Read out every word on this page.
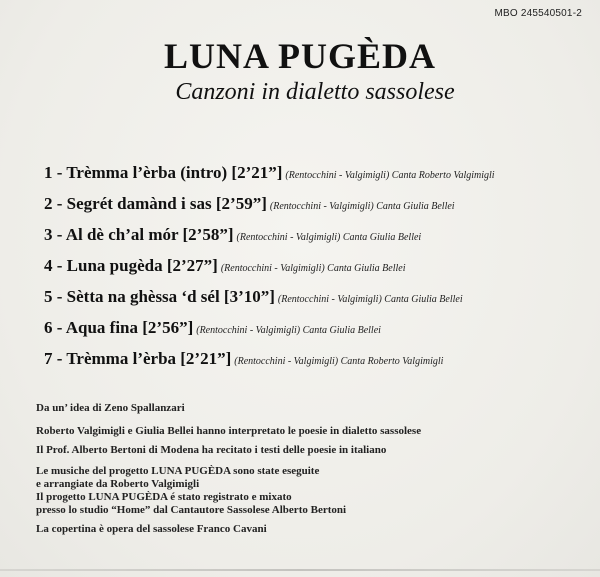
MBO 245540501-2
LUNA PUGÈDA
Canzoni in dialetto sassolese
1 - Trèmma l’èrba (intro) [2’21”] (Rentocchini - Valgimigli) Canta Roberto Valgimigli
2 - Segrét damànd i sas [2’59”] (Rentocchini - Valgimigli) Canta Giulia Bellei
3 - Al dè ch’al mór [2’58”] (Rentocchini - Valgimigli) Canta Giulia Bellei
4 - Luna pugèda [2’27”] (Rentocchini - Valgimigli) Canta Giulia Bellei
5 - Sètta na ghèssa ‘d sél [3’10”] (Rentocchini - Valgimigli) Canta Giulia Bellei
6 - Aqua fina [2’56”] (Rentocchini - Valgimigli) Canta Giulia Bellei
7 - Trèmma l’èrba [2’21”] (Rentocchini - Valgimigli) Canta Roberto Valgimigli

Da un’ idea di Zeno Spallanzari

Roberto Valgimigli e Giulia Bellei hanno interpretato le poesie in dialetto sassolese

Il Prof. Alberto Bertoni di Modena ha recitato i testi delle poesie in italiano

Le musiche del progetto LUNA PUGÈDA sono state eseguite

e arrangiate da Roberto Valgimigli

Il progetto LUNA PUGÈDA é stato registrato e mixato

presso lo studio “Home” dal Cantautore Sassolese Alberto Bertoni

La copertina è opera del sassolese Franco Cavani
